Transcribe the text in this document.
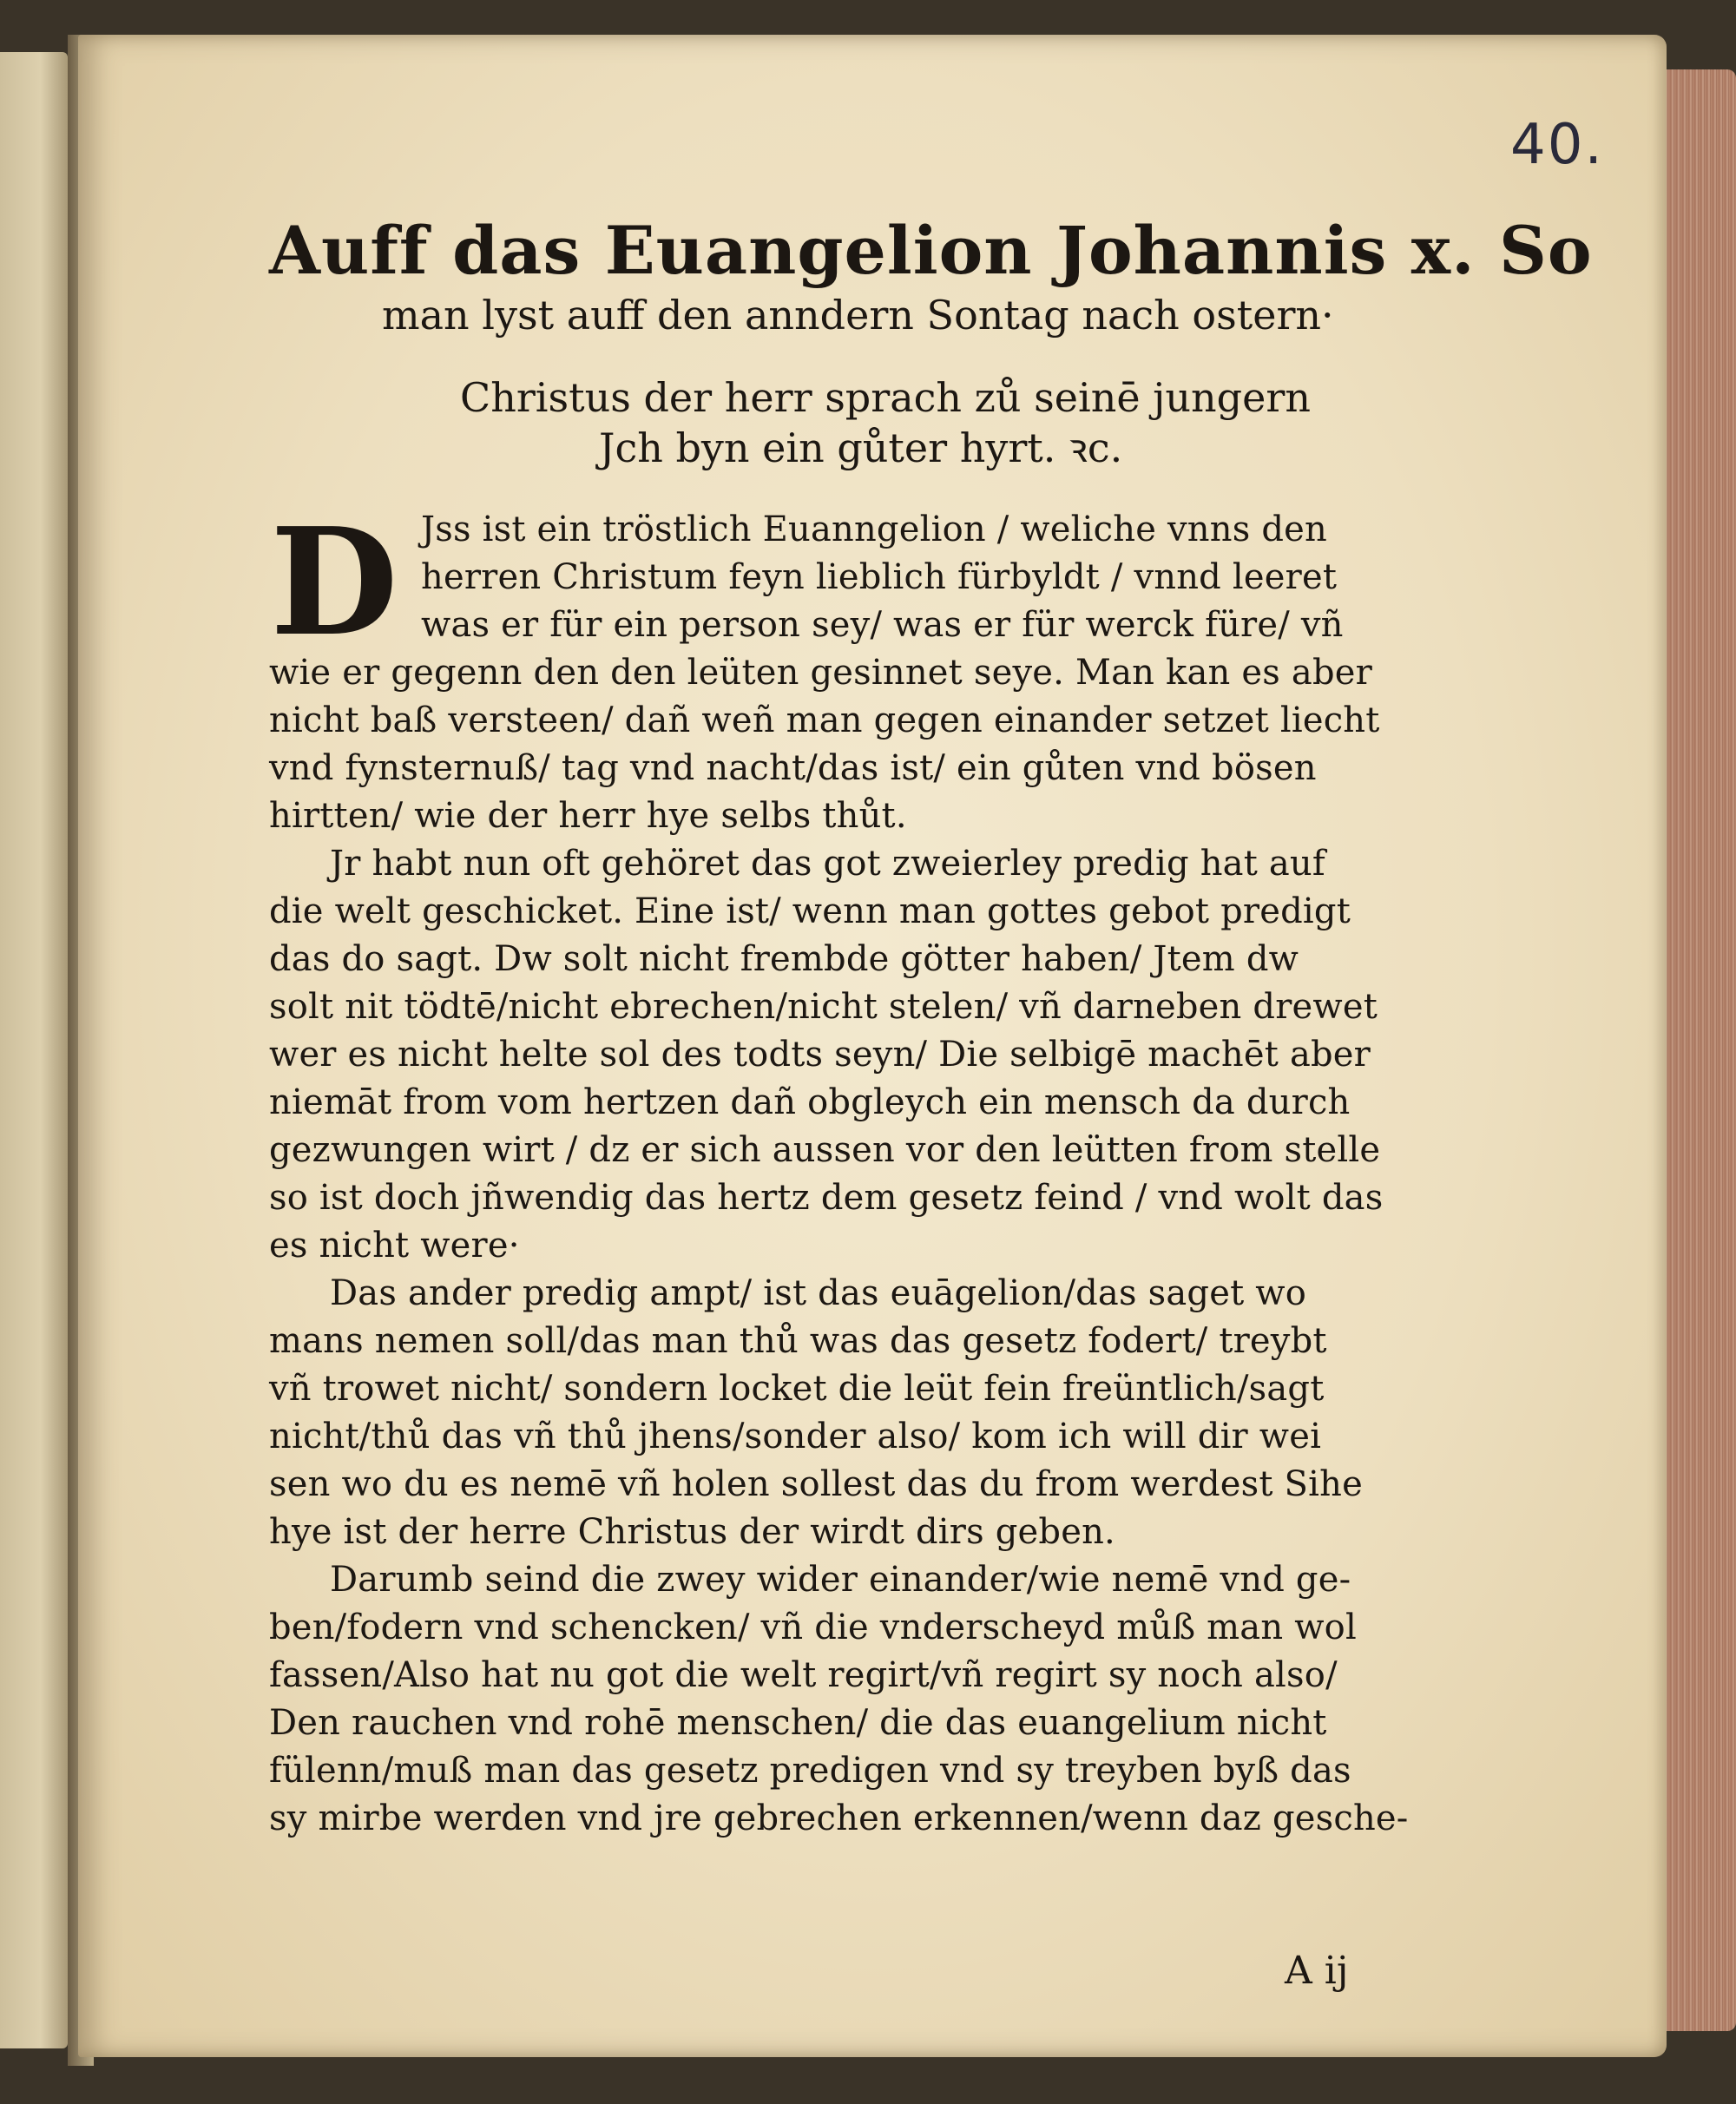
40.

Auff das Euangelion Johannis x. So

man lyst auff den anndern Sontag nach ostern·

Christus der herr sprach zů seinē jungern

Jch byn ein gůter hyrt. ꝛc.

D Jss ist ein tröstlich Euanngelion / weliche vnns den
herren Christum feyn lieblich fürbyldt / vnnd leeret
was er für ein person sey/ was er für werck füre/ vñ
wie er gegenn den den leüten gesinnet seye. Man kan es aber
nicht baß versteen/ dañ weñ man gegen einander setzet liecht
vnd fynsternuß/ tag vnd nacht/das ist/ ein gůten vnd bösen
hirtten/ wie der herr hye selbs thůt.
Jr habt nun oft gehöret das got zweierley predig hat auf
die welt geschicket. Eine ist/ wenn man gottes gebot predigt
das do sagt. Dw solt nicht frembde götter haben/ Jtem dw
solt nit tödtē/nicht ebrechen/nicht stelen/ vñ darneben drewet
wer es nicht helte sol des todts seyn/ Die selbigē machēt aber
niemāt from vom hertzen dañ obgleych ein mensch da durch
gezwungen wirt / dz er sich aussen vor den leütten from stelle
so ist doch jñwendig das hertz dem gesetz feind / vnd wolt das
es nicht were·
Das ander predig ampt/ ist das euāgelion/das saget wo
mans nemen soll/das man thů was das gesetz fodert/ treybt
vñ trowet nicht/ sondern locket die leüt fein freüntlich/sagt
nicht/thů das vñ thů jhens/sonder also/ kom ich will dir wei
sen wo du es nemē vñ holen sollest das du from werdest Sihe
hye ist der herre Christus der wirdt dirs geben.
Darumb seind die zwey wider einander/wie nemē vnd ge-
ben/fodern vnd schencken/ vñ die vnderscheyd můß man wol
fassen/Also hat nu got die welt regirt/vñ regirt sy noch also/
Den rauchen vnd rohē menschen/ die das euangelium nicht
fülenn/muß man das gesetz predigen vnd sy treyben byß das
sy mirbe werden vnd jre gebrechen erkennen/wenn daz gesche-
A ij
